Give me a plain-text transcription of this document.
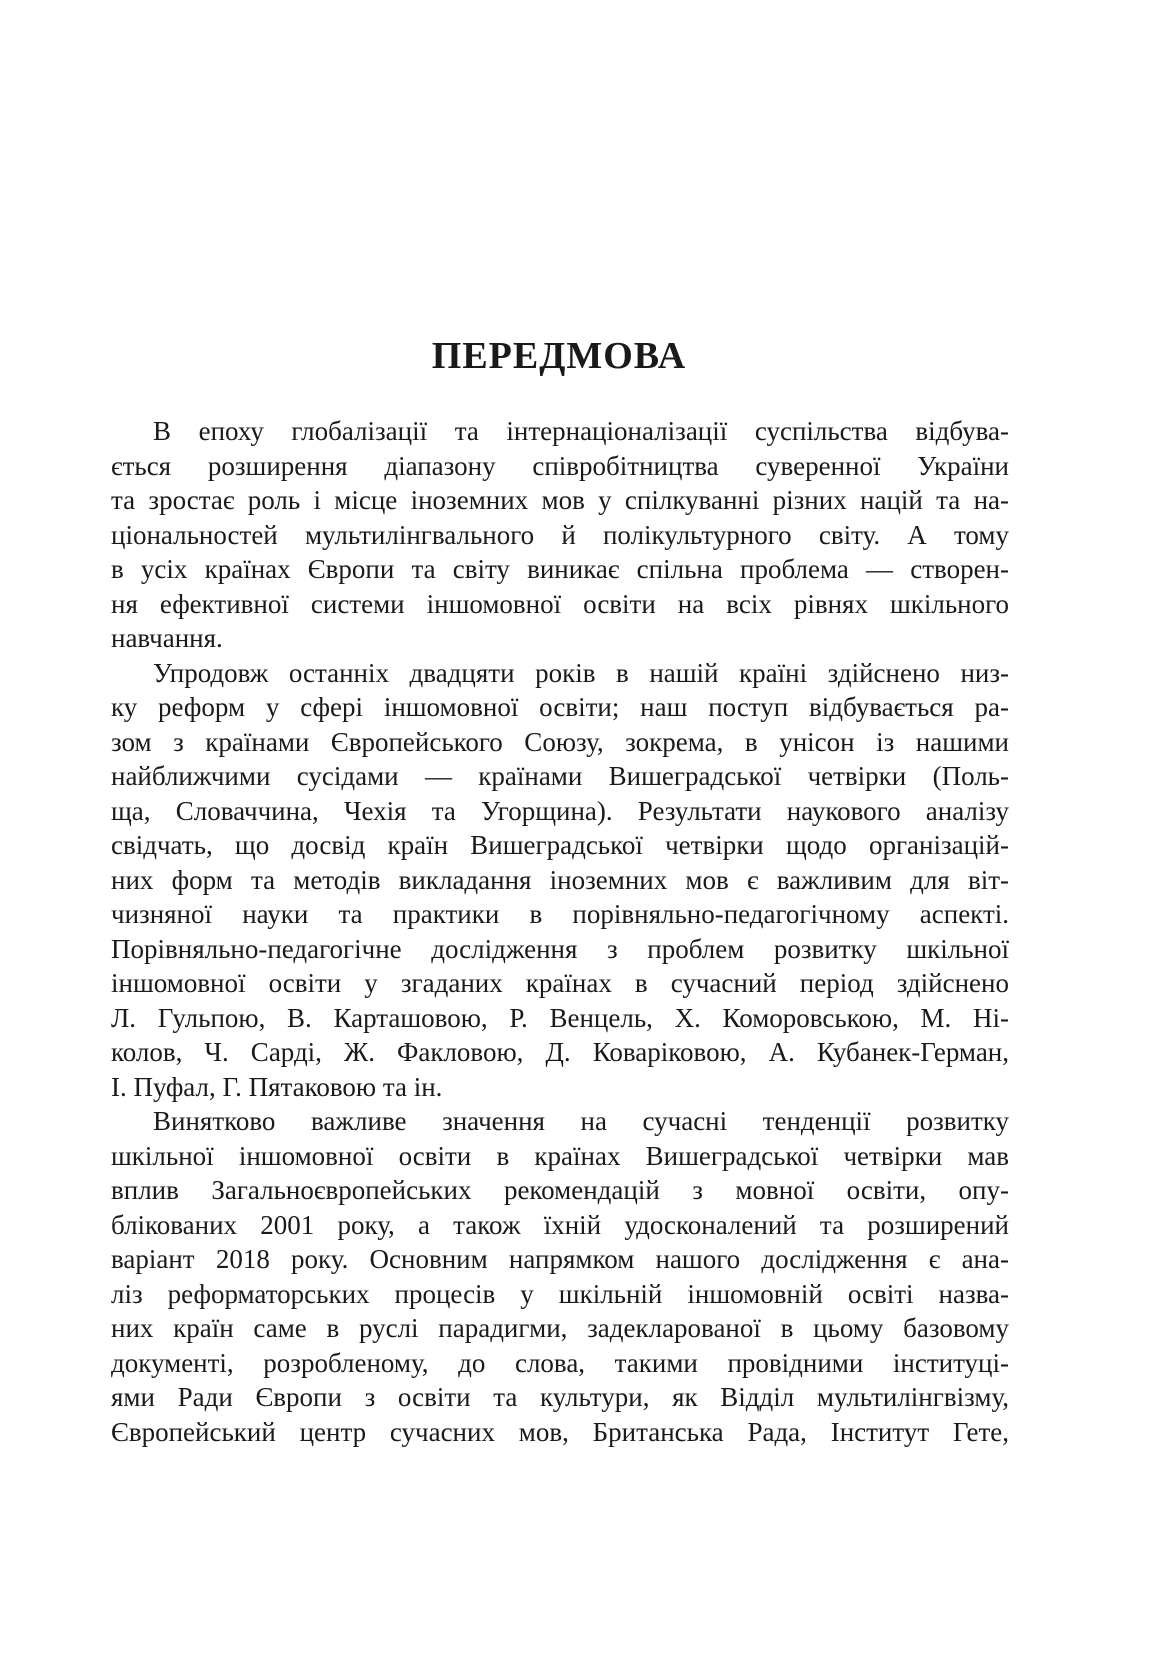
ПЕРЕДМОВА
В епоху глобалізації та інтернаціоналізації суспільства відбува-
ється розширення діапазону співробітництва суверенної України
та зростає роль і місце іноземних мов у спілкуванні різних націй та на-
ціональностей мультилінгвального й полікультурного світу. А тому
в усіх країнах Європи та світу виникає спільна проблема — створен-
ня ефективної системи іншомовної освіти на всіх рівнях шкільного
навчання.
Упродовж останніх двадцяти років в нашій країні здійснено низ-
ку реформ у сфері іншомовної освіти; наш поступ відбувається ра-
зом з країнами Європейського Союзу, зокрема, в унісон із нашими
найближчими сусідами — країнами Вишеградської четвірки (Поль-
ща, Словаччина, Чехія та Угорщина). Результати наукового аналізу
свідчать, що досвід країн Вишеградської четвірки щодо організацій-
них форм та методів викладання іноземних мов є важливим для віт-
чизняної науки та практики в порівняльно-педагогічному аспекті.
Порівняльно-педагогічне дослідження з проблем розвитку шкільної
іншомовної освіти у згаданих країнах в сучасний період здійснено
Л. Гульпою, В. Карташовою, Р. Венцель, Х. Коморовською, М. Ні-
колов, Ч. Сарді, Ж. Факловою, Д. Коваріковою, А. Кубанек-Герман,
І. Пуфал, Г. Пятаковою та ін.
Винятково важливе значення на сучасні тенденції розвитку
шкільної іншомовної освіти в країнах Вишеградської четвірки мав
вплив Загальноєвропейських рекомендацій з мовної освіти, опу-
блікованих 2001 року, а також їхній удосконалений та розширений
варіант 2018 року. Основним напрямком нашого дослідження є ана-
ліз реформаторських процесів у шкільній іншомовній освіті назва-
них країн саме в руслі парадигми, задекларованої в цьому базовому
документі, розробленому, до слова, такими провідними інституці-
ями Ради Європи з освіти та культури, як Відділ мультилінгвізму,
Європейський центр сучасних мов, Британська Рада, Інститут Гете,
